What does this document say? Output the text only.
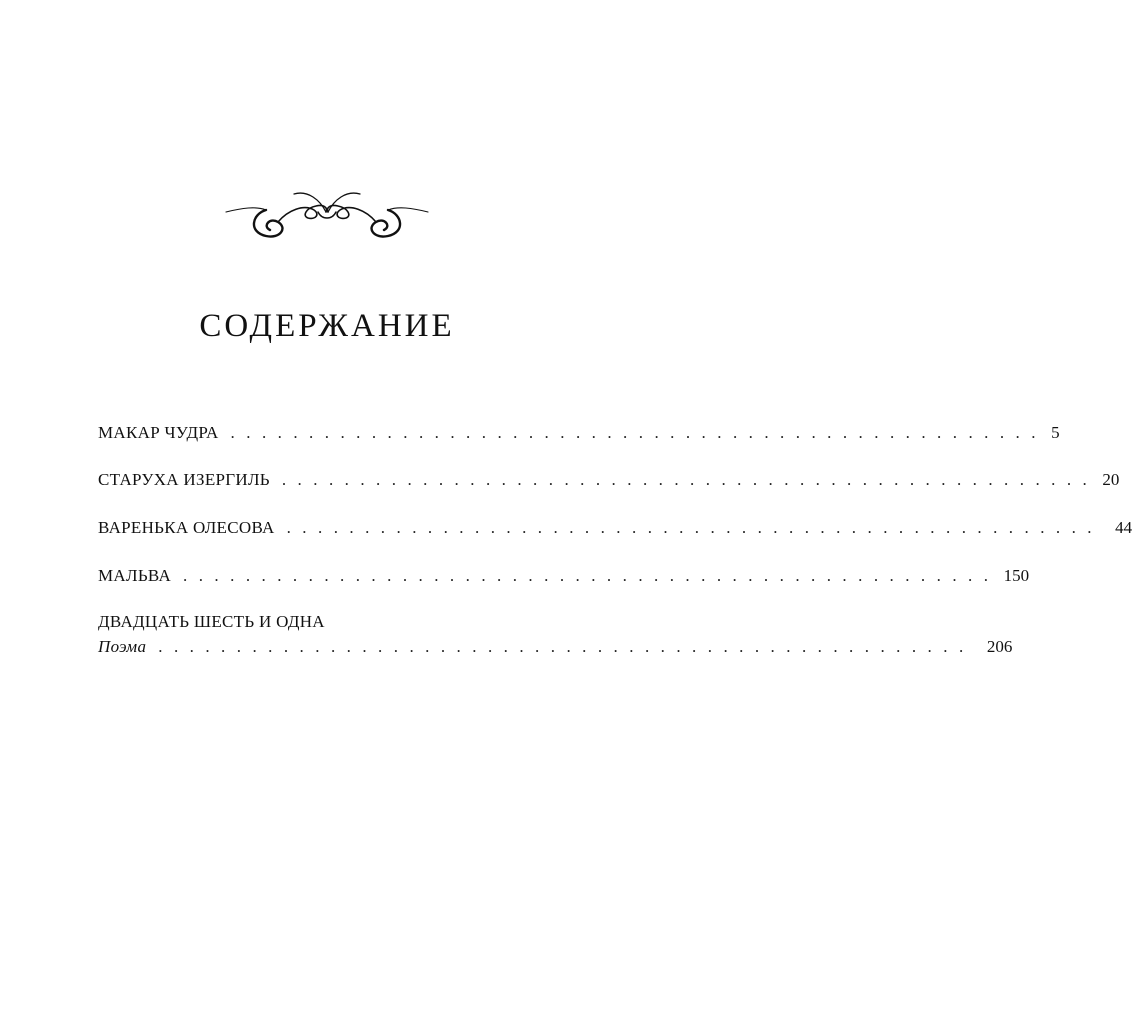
СОДЕРЖАНИЕ
МАКАР ЧУДРА . . . . . . . . . . . . . . . . . . . . . . . . . . . . . . . . . . . . . . . . . . . . . . . . . . . . 5
СТАРУХА ИЗЕРГИЛЬ . . . . . . . . . . . . . . . . . . . . . . . . . . . . . . . . . . . . . . . . . . . . . . . . . . . . 20
ВАРЕНЬКА ОЛЕСОВА . . . . . . . . . . . . . . . . . . . . . . . . . . . . . . . . . . . . . . . . . . . . . . . . . . . . 44
МАЛЬВА . . . . . . . . . . . . . . . . . . . . . . . . . . . . . . . . . . . . . . . . . . . . . . . . . . . . 150
ДВАДЦАТЬ ШЕСТЬ И ОДНА
Поэма . . . . . . . . . . . . . . . . . . . . . . . . . . . . . . . . . . . . . . . . . . . . . . . . . . . . 206
